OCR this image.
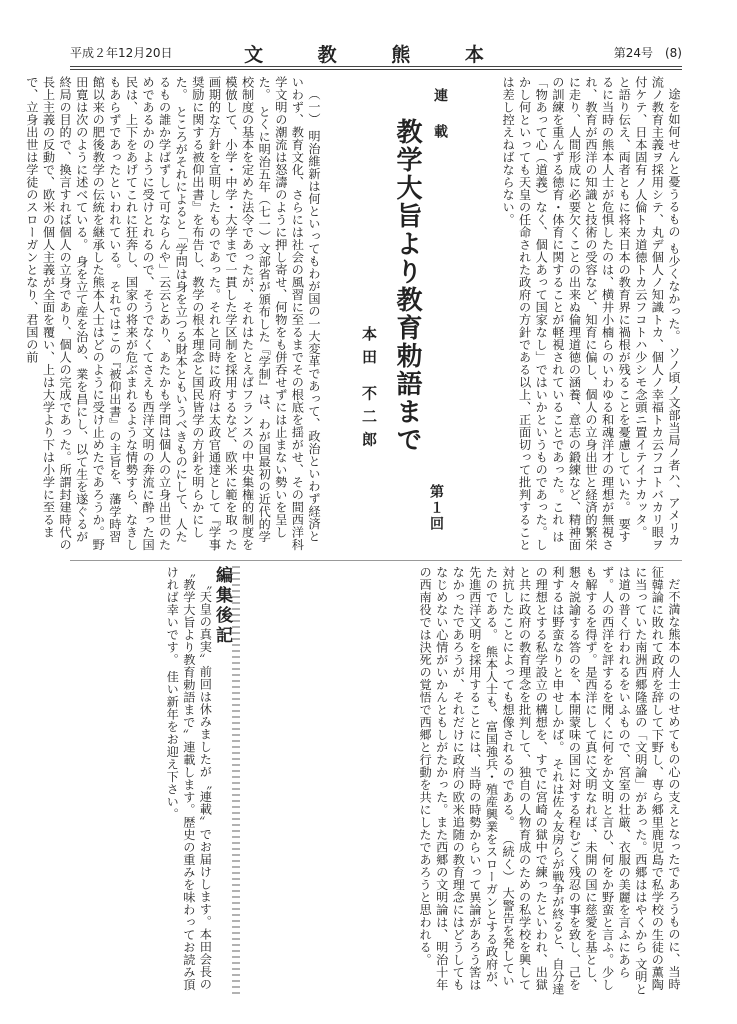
平成２年12月20日	文 教 熊 本	第24号　(8)

途を如何せんと憂うるもの も少くなかった。 ソノ頃ノ文部当局ノ者ハ、アメリカ流ノ教育主義ヲ採用シテ、丸デ個人ノ知識トカ、個人ノ幸福トカ云フコトバカリ眼ヲ付ケテ、日本固有ノ人倫トカ道徳トカ云フコトハ少シモ念頭ニ置イテイナカッタ。 と語り伝え、両者ともに将来日本の教育界に禍根が残ることを憂慮していた。 要するに当時の熊本人士が危惧したのは、横井小楠らのいわゆる和魂洋才の理想が無視され、教育が西洋の知識と技術の受容など、知育に偏し、個人の立身出世と経済的繁栄に走り、人間形成に必要欠くことの出来ぬ倫理道徳の涵養、意志の鍛練など、精神面の訓練を重んずる徳育・体育に関することが軽視されていることであった。これ は「物あって心（道義）なく、個人あって国家なし」ではいかというものであった。しかし何といっても天皇の任命された政府の方針である以上、正面切って批判することは差し控えねばならない。

連　載
教学大旨より教育勅語まで
本田 不二郎
第１回

（一） 明治維新は何といってもわが国の一大変革であって、政治といわず経済といわず、教育文化、さらには社会の風習に至るまでその根底を揺がせ、その間西洋科学文明の潮流は怒濤のように押し寄せ、何物をも併呑せずには止まない勢いを呈した。 とくに明治五年（七一）文部省が頒布した『学制』は、わが国最初の近代的学校制度の基本を定めた法令であったが、それはたとえばフランスの中央集権的制度を模倣して、小学・中学・大学まで一貫した学区制を採用するなど、欧米に範を取った画期的な方針を宣明したものであった。それと同時に政府は太政官通達として『学事奨励に関する被仰出書』を布告し、教学の根本理念と国民皆学の方針を明らかにした。 ところがそれによると「学問は身を立つる財本ともいうべきものにして、人たるもの誰か学ばずして可ならんや」云云とあり、あたかも学問は個人の立身出世のためであるかのように受けとれるので、そうでなくてさえも西洋文明の奔流に酔った国民は、上下をあげてこれに狂奔し、国家の将来が危ぶまれるような情勢すら、なきしもあらずであったといわれている。 それではこの『被仰出書』の主旨を、藩学時習館以来の肥後教学の伝統を継承した熊本人士はどのように受け止めたであろうか。野田寛は次のように述べている。 身を立て産を治め、業を昌にし、以て生を遂ぐるが終局の目的で、換言すれば個人の立身であり、個人の完成であった。所謂封建時代の長上主義の反動で、欧米の個人主義が全面を覆い、上は大学より下は小学に至るまで、立身出世は学徒のスローガンとなり、君国の前

だ不満な熊本の人士のせめてもの心の支えとなったであろうものに、当時征韓論に敗れて政府を辞して下野し、専ら郷里鹿児島で私学校の生徒の薫陶に当っていた南洲西郷隆盛の「文明論」があった。西郷ははやくから 文明とは道の普く行われるをいふもので、宮室の壮厳、衣服の美麗を言ふにあらず。人の西洋を評するを聞くに何をか文明と言ひ、何をか野蛮と言ふ。少しも解するを得ず。是西洋にして真に文明なれば、未開の国に慈愛を基とし、懇々説諭する答のを、本開蒙味の国に対する程むごく残忍の事を致し、己を利するは野蛮なりと申せしかば。 それは佐々友房らが戦争が終ると、自分達の理想とする私学設立の構想を、すでに宮崎の獄中で練ったといわれ、出獄と共に政府の教育理念を批判して、独自の人物育成のための私学校を興して対抗したことによっても想像されるのである。 （続く） 大警告を発していたのである。 熊本人士も、富国強兵・殖産興業をスローガンとする政府が、先進西洋文明を採用することには、当時の時勢からいって異論があろう筈はなかったであろうが、それだけに政府の欧米追随の教育理念にはどうしてもなじめない心情がいかんともしがたかった。また西郷の文明論は、明治十年の西南役では決死の覚悟で西郷と行動を共にしたであろうと思われる。

編集後記

〝天皇の真実〟前回は休みましたが〝連載〟でお届けします。本田会長の〝教学大旨より教育勅語まで〟連載します。歴史の重みを味わってお読み頂ければ幸いです。 佳い新年をお迎え下さい。
